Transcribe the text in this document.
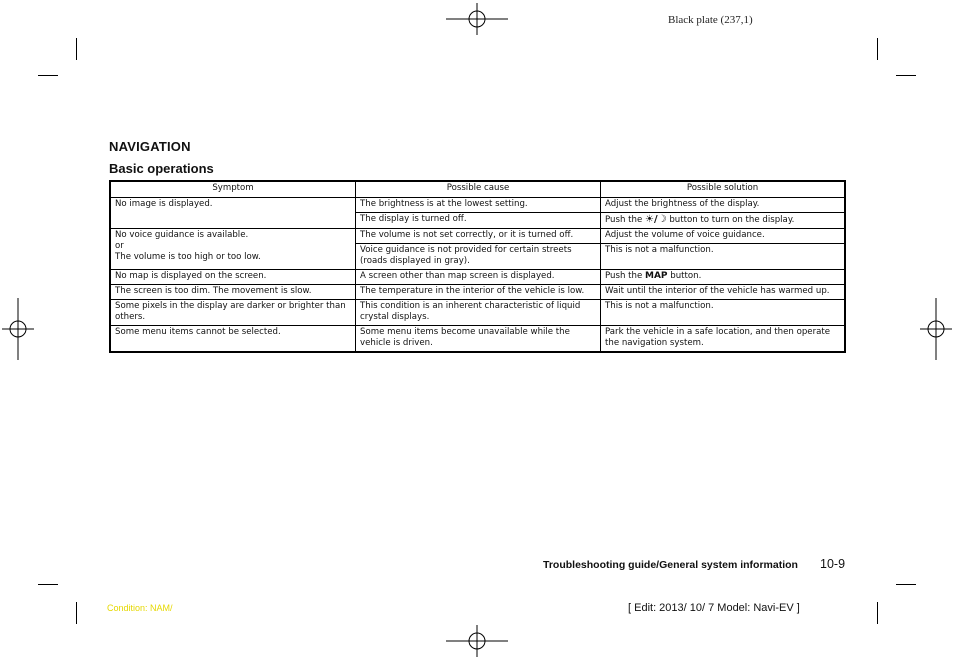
Black plate (237,1)
NAVIGATION
Basic operations
Symptom	Possible cause	Possible solution
No image is displayed.	The brightness is at the lowest setting.	Adjust the brightness of the display.
	The display is turned off.	Push the ☀/☽ button to turn on the display.

No voice guidance is available.
or
The volume is too high or too low.	The volume is not set correctly, or it is turned off.	Adjust the volume of voice guidance.
	Voice guidance is not provided for certain streets (roads displayed in gray).	This is not a malfunction.
No map is displayed on the screen.	A screen other than map screen is displayed.	Push the MAP button.
The screen is too dim. The movement is slow.	The temperature in the interior of the vehicle is low.	Wait until the interior of the vehicle has warmed up.
Some pixels in the display are darker or brighter than others.	This condition is an inherent characteristic of liquid crystal displays.	This is not a malfunction.
Some menu items cannot be selected.	Some menu items become unavailable while the vehicle is driven.	Park the vehicle in a safe location, and then operate the navigation system.
Troubleshooting guide/General system information 10-9
Condition: NAM/	[ Edit: 2013/ 10/ 7 Model: Navi-EV ]
